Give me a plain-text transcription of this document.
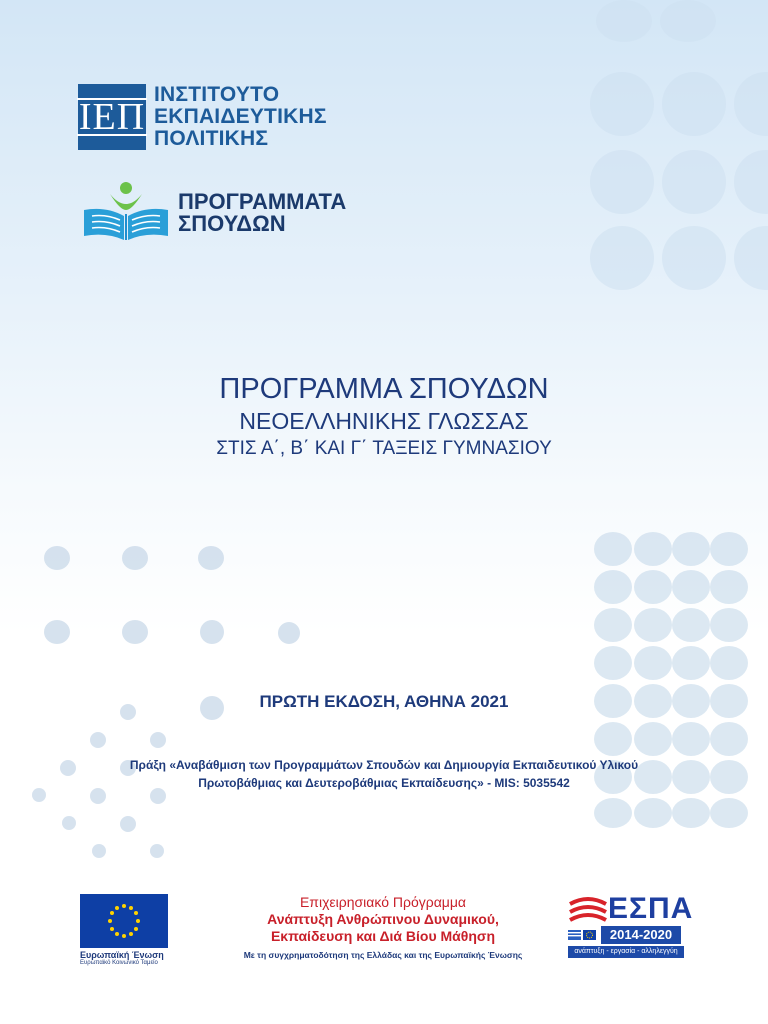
ΙΕΠ
ΙΝΣΤΙΤΟΥΤΟ
ΕΚΠΑΙΔΕΥΤΙΚΗΣ
ΠΟΛΙΤΙΚΗΣ
ΠΡΟΓΡΑΜΜΑΤΑ
ΣΠΟΥΔΩΝ
ΠΡΟΓΡΑΜΜΑ ΣΠΟΥΔΩΝ
ΝΕΟΕΛΛΗΝΙΚΗΣ ΓΛΩΣΣΑΣ
ΣΤΙΣ Α΄, Β΄ ΚΑΙ Γ΄ ΤΑΞΕΙΣ ΓΥΜΝΑΣΙΟΥ
ΠΡΩΤΗ ΕΚΔΟΣΗ, ΑΘΗΝΑ 2021
Πράξη «Αναβάθμιση των Προγραμμάτων Σπουδών και Δημιουργία Εκπαιδευτικού Υλικού
Πρωτοβάθμιας και Δευτεροβάθμιας Εκπαίδευσης» - MIS: 5035542
Ευρωπαϊκή Ένωση
Ευρωπαϊκό Κοινωνικό Ταμείο
Επιχειρησιακό Πρόγραμμα
Ανάπτυξη Ανθρώπινου Δυναμικού,
Εκπαίδευση και Διά Βίου Μάθηση
Με τη συγχρηματοδότηση της Ελλάδας και της Ευρωπαϊκής Ένωσης
ΕΣΠΑ
2014-2020
ανάπτυξη - εργασία - αλληλεγγύη
